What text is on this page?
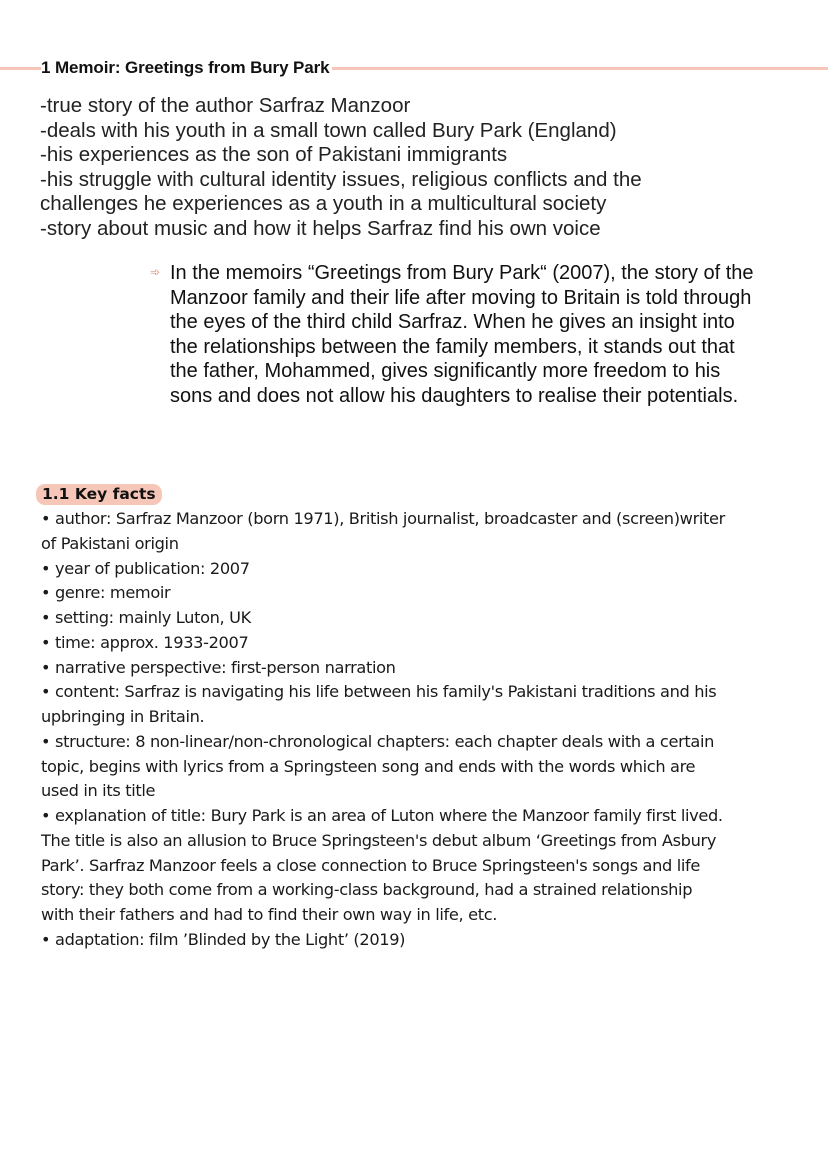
1 Memoir: Greetings from Bury Park
-true story of the author Sarfraz Manzoor
-deals with his youth in a small town called Bury Park (England)
-his experiences as the son of Pakistani immigrants
-his struggle with cultural identity issues, religious conflicts and the
challenges he experiences as a youth in a multicultural society
-story about music and how it helps Sarfraz find his own voice
➾ In the memoirs “Greetings from Bury Park“ (2007), the story of the
Manzoor family and their life after moving to Britain is told through
the eyes of the third child Sarfraz. When he gives an insight into
the relationships between the family members, it stands out that
the father, Mohammed, gives significantly more freedom to his
sons and does not allow his daughters to realise their potentials.
1.1 Key facts
• author: Sarfraz Manzoor (born 1971), British journalist, broadcaster and (screen)writer
of Pakistani origin
• year of publication: 2007
• genre: memoir
• setting: mainly Luton, UK
• time: approx. 1933-2007
• narrative perspective: first-person narration
• content: Sarfraz is navigating his life between his family's Pakistani traditions and his
upbringing in Britain.
• structure: 8 non-linear/non-chronological chapters: each chapter deals with a certain
topic, begins with lyrics from a Springsteen song and ends with the words which are
used in its title
• explanation of title: Bury Park is an area of Luton where the Manzoor family first lived.
The title is also an allusion to Bruce Springsteen's debut album ‘Greetings from Asbury
Park’. Sarfraz Manzoor feels a close connection to Bruce Springsteen's songs and life
story: they both come from a working-class background, had a strained relationship
with their fathers and had to find their own way in life, etc.
• adaptation: film ’Blinded by the Light’ (2019)
